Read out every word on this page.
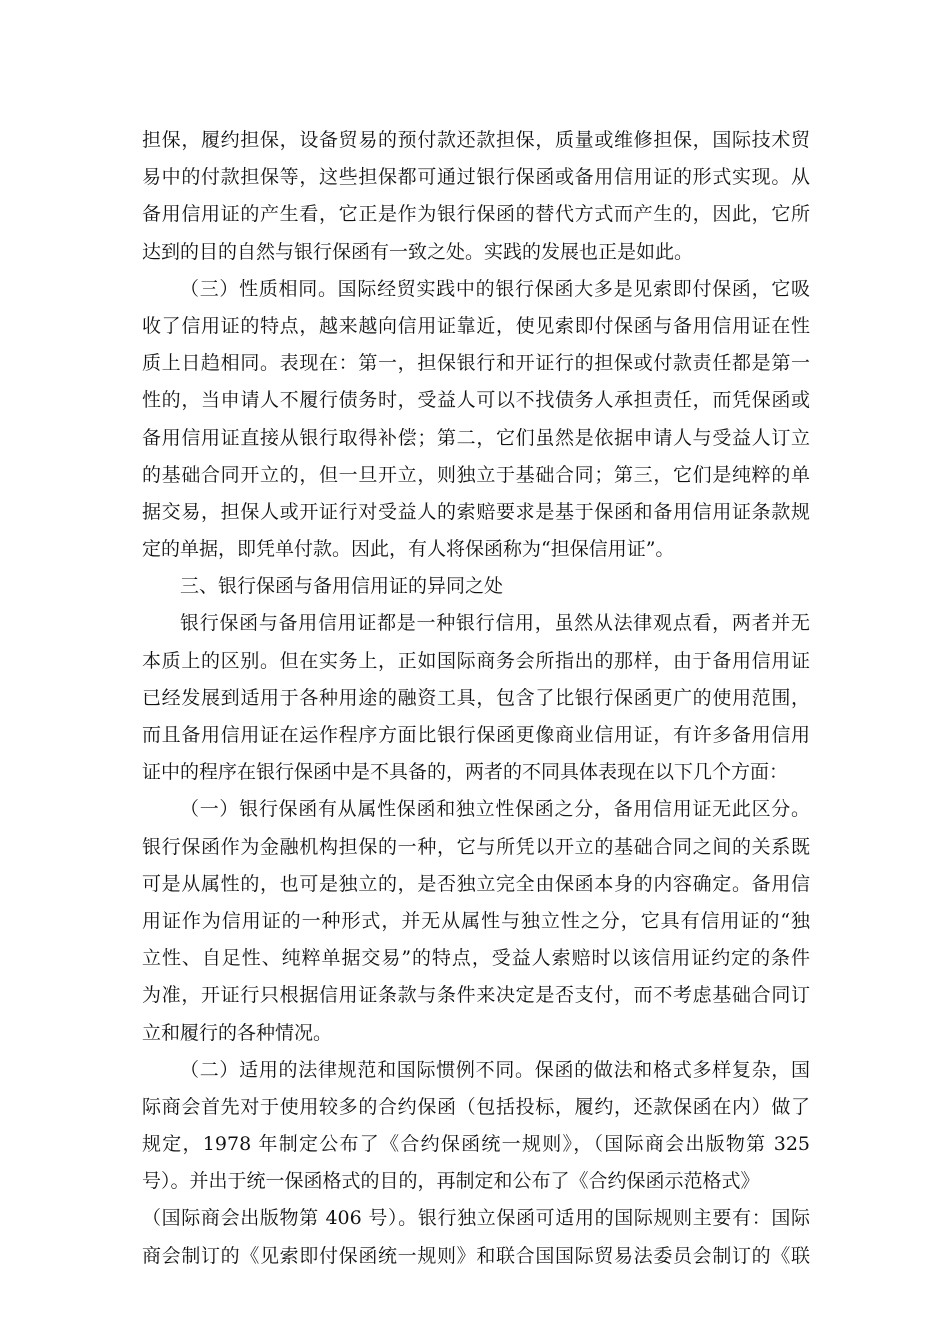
担保，履约担保，设备贸易的预付款还款担保，质量或维修担保，国际技术贸
易中的付款担保等，这些担保都可通过银行保函或备用信用证的形式实现。从
备用信用证的产生看，它正是作为银行保函的替代方式而产生的，因此，它所
达到的目的自然与银行保函有一致之处。实践的发展也正是如此。
（三）性质相同。国际经贸实践中的银行保函大多是见索即付保函，它吸
收了信用证的特点，越来越向信用证靠近，使见索即付保函与备用信用证在性
质上日趋相同。表现在：第一，担保银行和开证行的担保或付款责任都是第一
性的，当申请人不履行债务时，受益人可以不找债务人承担责任，而凭保函或
备用信用证直接从银行取得补偿；第二，它们虽然是依据申请人与受益人订立
的基础合同开立的，但一旦开立，则独立于基础合同；第三，它们是纯粹的单
据交易，担保人或开证行对受益人的索赔要求是基于保函和备用信用证条款规
定的单据，即凭单付款。因此，有人将保函称为“担保信用证”。
三、银行保函与备用信用证的异同之处
银行保函与备用信用证都是一种银行信用，虽然从法律观点看，两者并无
本质上的区别。但在实务上，正如国际商务会所指出的那样，由于备用信用证
已经发展到适用于各种用途的融资工具，包含了比银行保函更广的使用范围，
而且备用信用证在运作程序方面比银行保函更像商业信用证，有许多备用信用
证中的程序在银行保函中是不具备的，两者的不同具体表现在以下几个方面：
（一）银行保函有从属性保函和独立性保函之分，备用信用证无此区分。
银行保函作为金融机构担保的一种，它与所凭以开立的基础合同之间的关系既
可是从属性的，也可是独立的，是否独立完全由保函本身的内容确定。备用信
用证作为信用证的一种形式，并无从属性与独立性之分，它具有信用证的“独
立性、自足性、纯粹单据交易”的特点，受益人索赔时以该信用证约定的条件
为准，开证行只根据信用证条款与条件来决定是否支付，而不考虑基础合同订
立和履行的各种情况。
（二）适用的法律规范和国际惯例不同。保函的做法和格式多样复杂，国
际商会首先对于使用较多的合约保函（包括投标，履约，还款保函在内）做了
规定，1978 年制定公布了《合约保函统一规则》，（国际商会出版物第 325
号）。并出于统一保函格式的目的，再制定和公布了《合约保函示范格式》
（国际商会出版物第 406 号）。银行独立保函可适用的国际规则主要有：国际
商会制订的《见索即付保函统一规则》和联合国国际贸易法委员会制订的《联
